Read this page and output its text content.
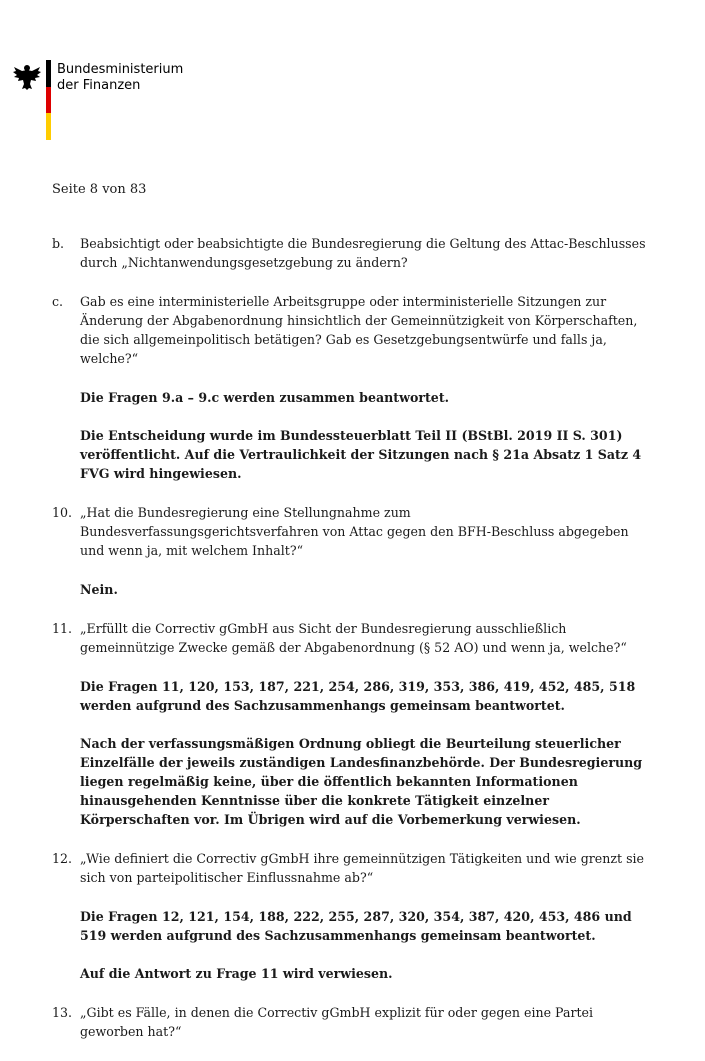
Bundesministerium
der Finanzen
Seite 8 von 83
b. Beabsichtigt oder beabsichtigte die Bundesregierung die Geltung des Attac-Beschlusses durch „Nichtanwendungsgesetzgebung zu ändern?
c. Gab es eine interministerielle Arbeitsgruppe oder interministerielle Sitzungen zur Änderung der Abgabenordnung hinsichtlich der Gemeinnützigkeit von Körperschaften, die sich allgemeinpolitisch betätigen? Gab es Gesetzgebungsentwürfe und falls ja, welche?“

Die Fragen 9.a – 9.c werden zusammen beantwortet.

Die Entscheidung wurde im Bundessteuerblatt Teil II (BStBl. 2019 II S. 301) veröffentlicht. Auf die Vertraulichkeit der Sitzungen nach § 21a Absatz 1 Satz 4 FVG wird hingewiesen.

10. „Hat die Bundesregierung eine Stellungnahme zum Bundesverfassungsgerichtsverfahren von Attac gegen den BFH-Beschluss abgegeben und wenn ja, mit welchem Inhalt?“

Nein.

11. „Erfüllt die Correctiv gGmbH aus Sicht der Bundesregierung ausschließlich gemeinnützige Zwecke gemäß der Abgabenordnung (§ 52 AO) und wenn ja, welche?“

Die Fragen 11, 120, 153, 187, 221, 254, 286, 319, 353, 386, 419, 452, 485, 518 werden aufgrund des Sachzusammenhangs gemeinsam beantwortet.

Nach der verfassungsmäßigen Ordnung obliegt die Beurteilung steuerlicher Einzelfälle der jeweils zuständigen Landesfinanzbehörde. Der Bundesregierung liegen regelmäßig keine, über die öffentlich bekannten Informationen hinausgehenden Kenntnisse über die konkrete Tätigkeit einzelner Körperschaften vor. Im Übrigen wird auf die Vorbemerkung verwiesen.

12. „Wie definiert die Correctiv gGmbH ihre gemeinnützigen Tätigkeiten und wie grenzt sie sich von parteipolitischer Einflussnahme ab?“

Die Fragen 12, 121, 154, 188, 222, 255, 287, 320, 354, 387, 420, 453, 486 und 519 werden aufgrund des Sachzusammenhangs gemeinsam beantwortet.

Auf die Antwort zu Frage 11 wird verwiesen.

13. „Gibt es Fälle, in denen die Correctiv gGmbH explizit für oder gegen eine Partei geworben hat?“
